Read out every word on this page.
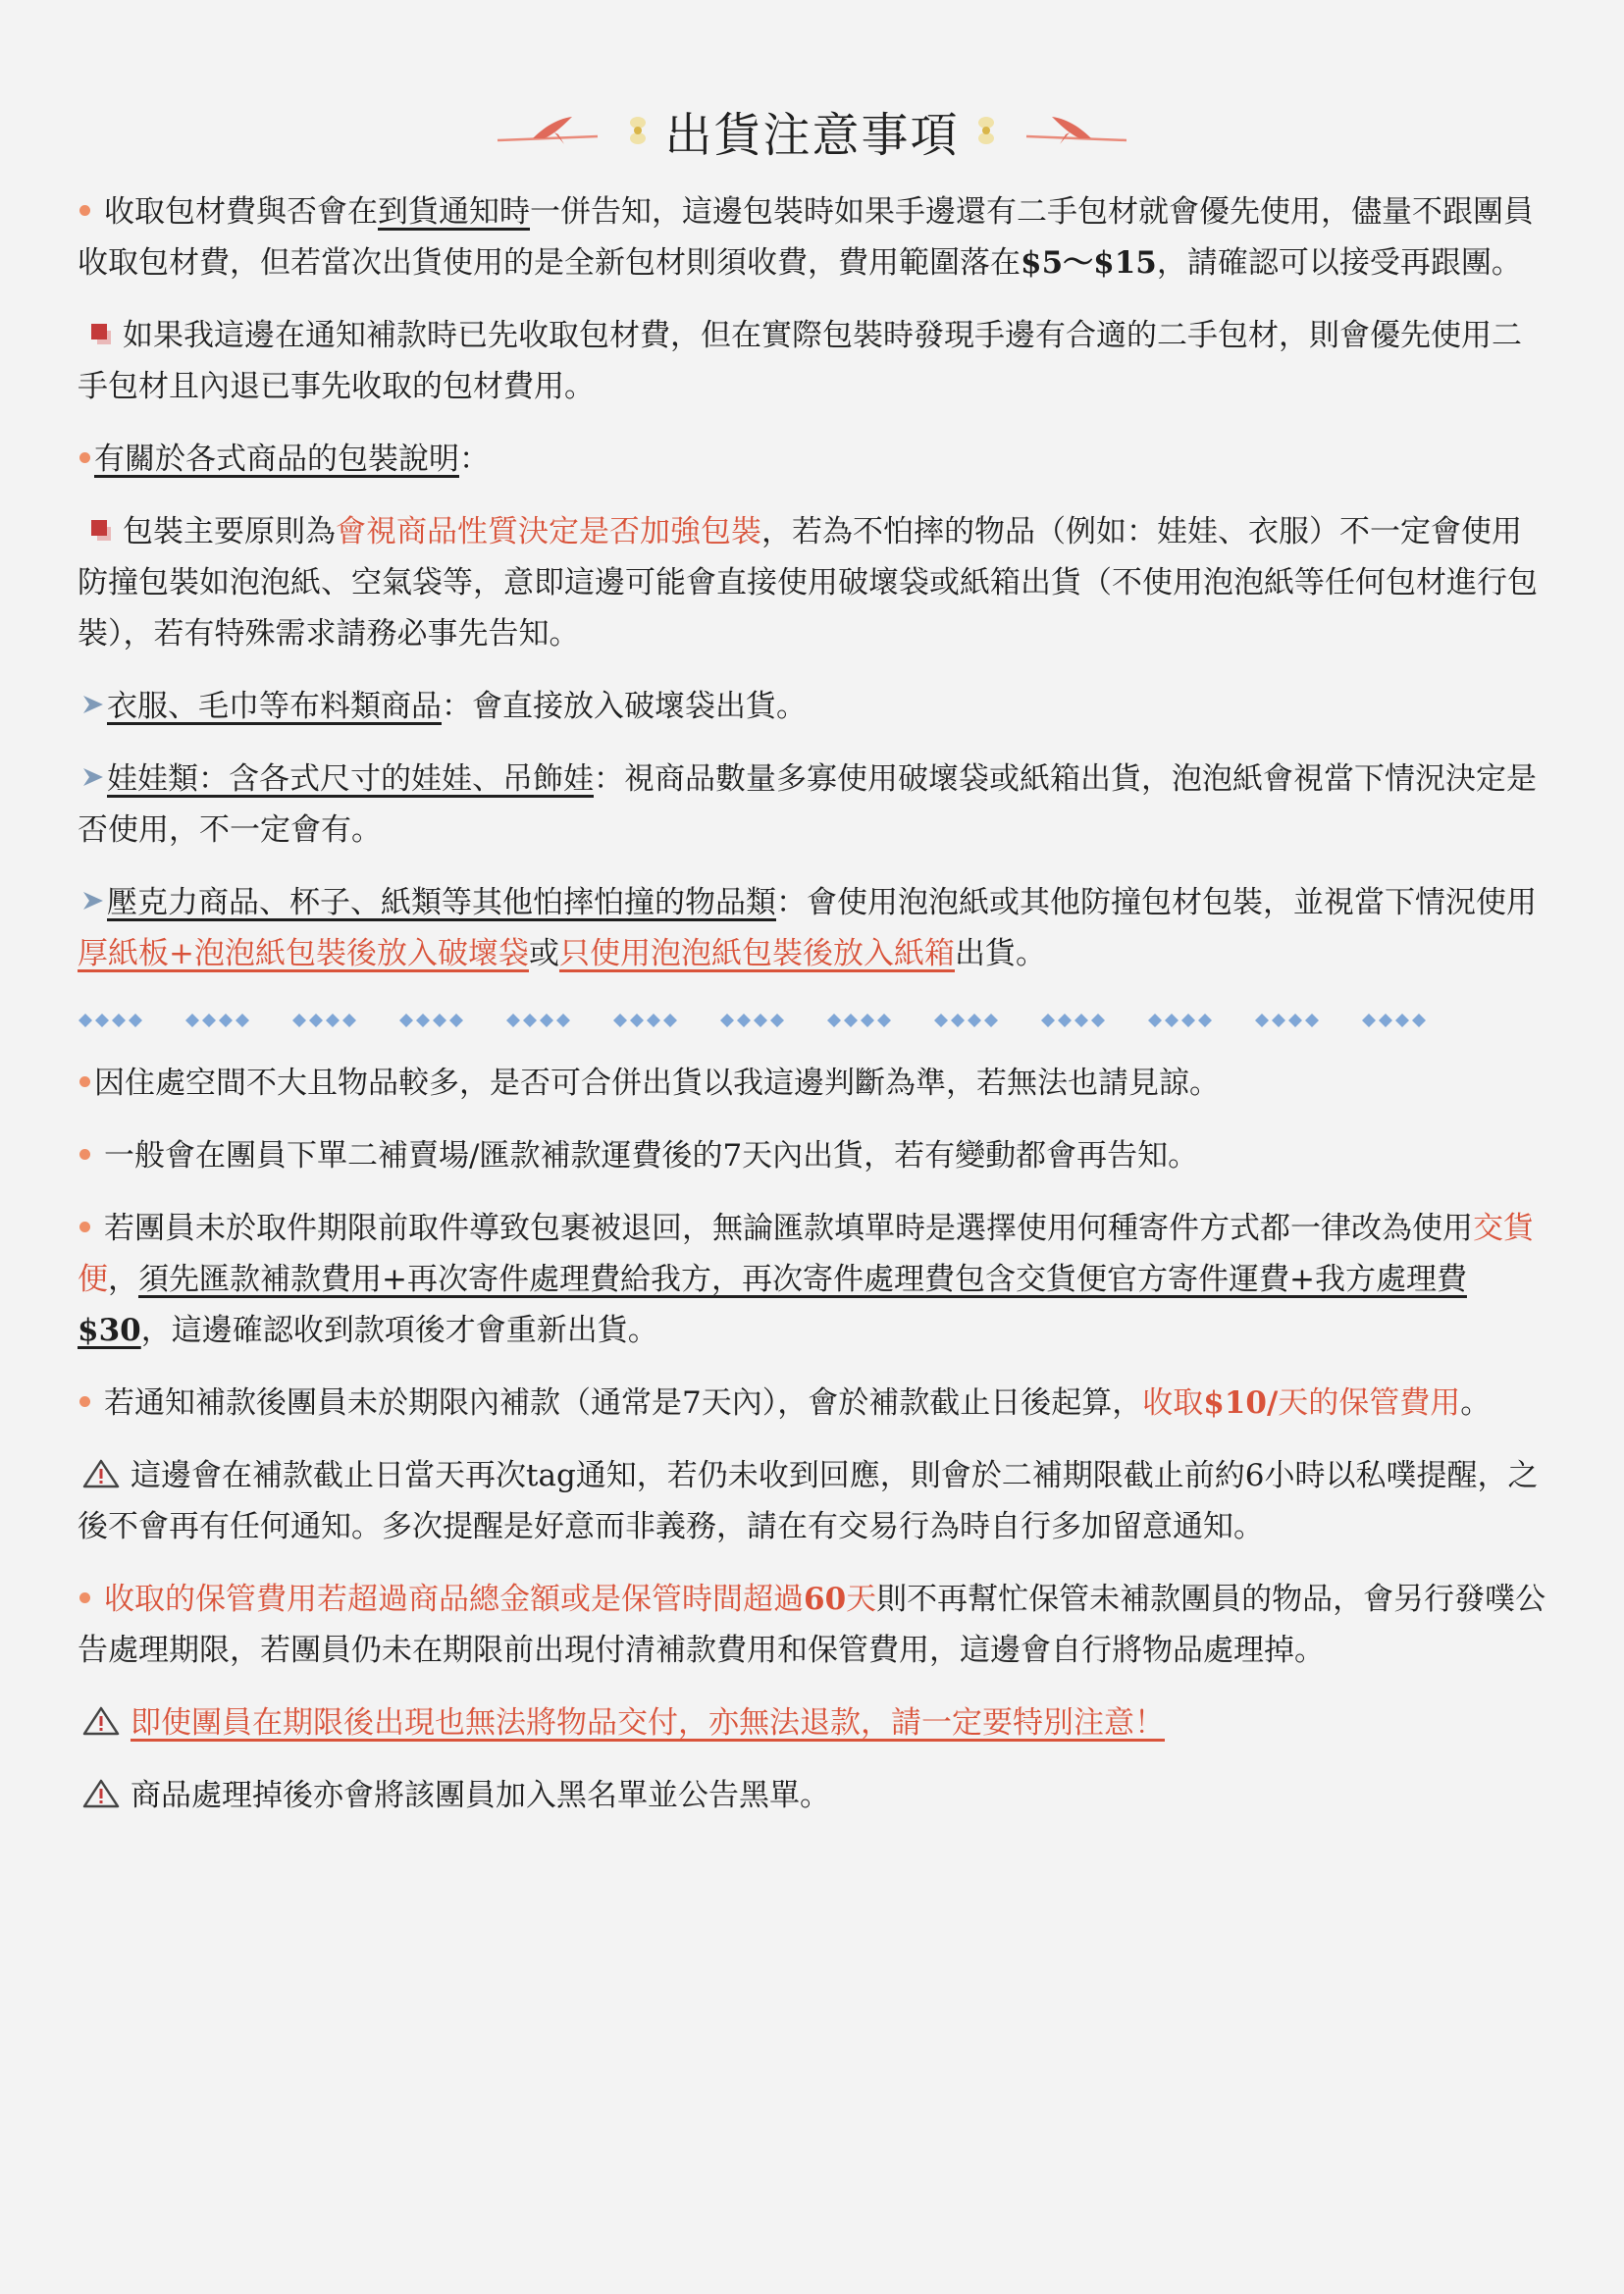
出貨注意事項

收取包材費與否會在到貨通知時一併告知，這邊包裝時如果手邊還有二手包材就會優先使用，儘量不跟團員收取包材費，但若當次出貨使用的是全新包材則須收費，費用範圍落在$5～$15，請確認可以接受再跟團。

如果我這邊在通知補款時已先收取包材費，但在實際包裝時發現手邊有合適的二手包材，則會優先使用二手包材且內退已事先收取的包材費用。

有關於各式商品的包裝說明：

包裝主要原則為會視商品性質決定是否加強包裝，若為不怕摔的物品（例如：娃娃、衣服）不一定會使用防撞包裝如泡泡紙、空氣袋等，意即這邊可能會直接使用破壞袋或紙箱出貨（不使用泡泡紙等任何包材進行包裝），若有特殊需求請務必事先告知。

衣服、毛巾等布料類商品：會直接放入破壞袋出貨。

娃娃類：含各式尺寸的娃娃、吊飾娃：視商品數量多寡使用破壞袋或紙箱出貨，泡泡紙會視當下情況決定是否使用，不一定會有。

壓克力商品、杯子、紙類等其他怕摔怕撞的物品類：會使用泡泡紙或其他防撞包材包裝，並視當下情況使用厚紙板+泡泡紙包裝後放入破壞袋或只使用泡泡紙包裝後放入紙箱出貨。

因住處空間不大且物品較多，是否可合併出貨以我這邊判斷為準，若無法也請見諒。

一般會在團員下單二補賣場/匯款補款運費後的7天內出貨，若有變動都會再告知。

若團員未於取件期限前取件導致包裹被退回，無論匯款填單時是選擇使用何種寄件方式都一律改為使用交貨便，須先匯款補款費用+再次寄件處理費給我方，再次寄件處理費包含交貨便官方寄件運費+我方處理費$30，這邊確認收到款項後才會重新出貨。

若通知補款後團員未於期限內補款（通常是7天內），會於補款截止日後起算，收取$10/天的保管費用。

這邊會在補款截止日當天再次tag通知，若仍未收到回應，則會於二補期限截止前約6小時以私噗提醒，之後不會再有任何通知。多次提醒是好意而非義務，請在有交易行為時自行多加留意通知。

收取的保管費用若超過商品總金額或是保管時間超過60天則不再幫忙保管未補款團員的物品，會另行發噗公告處理期限，若團員仍未在期限前出現付清補款費用和保管費用，這邊會自行將物品處理掉。

即使團員在期限後出現也無法將物品交付，亦無法退款，請一定要特別注意！

商品處理掉後亦會將該團員加入黑名單並公告黑單。
